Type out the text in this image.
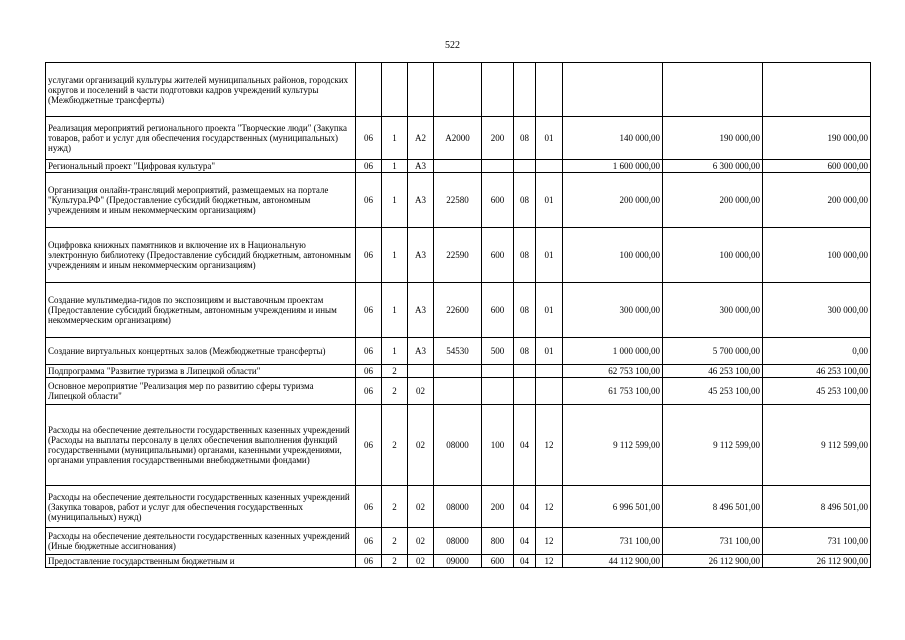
522
услугами организаций культуры жителей муниципальных районов, городских округов и поселений в части подготовки кадров учреждений культуры (Межбюджетные трансферты)										
Реализация мероприятий регионального проекта "Творческие люди" (Закупка товаров, работ и услуг для обеспечения государственных (муниципальных) нужд)	06	1	А2	А2000	200	08	01	140 000,00	190 000,00	190 000,00
Региональный проект "Цифровая культура"	06	1	А3					1 600 000,00	6 300 000,00	600 000,00
Организация онлайн-трансляций мероприятий, размещаемых на портале "Культура.РФ" (Предоставление субсидий бюджетным, автономным учреждениям и иным некоммерческим организациям)	06	1	А3	22580	600	08	01	200 000,00	200 000,00	200 000,00
Оцифровка книжных памятников и включение их в Национальную электронную библиотеку (Предоставление субсидий бюджетным, автономным учреждениям и иным некоммерческим организациям)	06	1	А3	22590	600	08	01	100 000,00	100 000,00	100 000,00
Создание мультимедиа-гидов по экспозициям и выставочным проектам (Предоставление субсидий бюджетным, автономным учреждениям и иным некоммерческим организациям)	06	1	А3	22600	600	08	01	300 000,00	300 000,00	300 000,00
Создание виртуальных концертных залов (Межбюджетные трансферты)	06	1	А3	54530	500	08	01	1 000 000,00	5 700 000,00	0,00
Подпрограмма "Развитие туризма в Липецкой области"	06	2						62 753 100,00	46 253 100,00	46 253 100,00
Основное мероприятие "Реализация мер по развитию сферы туризма Липецкой области"	06	2	02					61 753 100,00	45 253 100,00	45 253 100,00
Расходы на обеспечение деятельности государственных казенных учреждений (Расходы на выплаты персоналу в целях обеспечения выполнения функций государственными (муниципальными) органами, казенными учреждениями, органами управления государственными внебюджетными фондами)	06	2	02	08000	100	04	12	9 112 599,00	9 112 599,00	9 112 599,00
Расходы на обеспечение деятельности государственных казенных учреждений (Закупка товаров, работ и услуг для обеспечения государственных (муниципальных) нужд)	06	2	02	08000	200	04	12	6 996 501,00	8 496 501,00	8 496 501,00
Расходы на обеспечение деятельности государственных казенных учреждений (Иные бюджетные ассигнования)	06	2	02	08000	800	04	12	731 100,00	731 100,00	731 100,00
Предоставление государственным бюджетным и	06	2	02	09000	600	04	12	44 112 900,00	26 112 900,00	26 112 900,00
